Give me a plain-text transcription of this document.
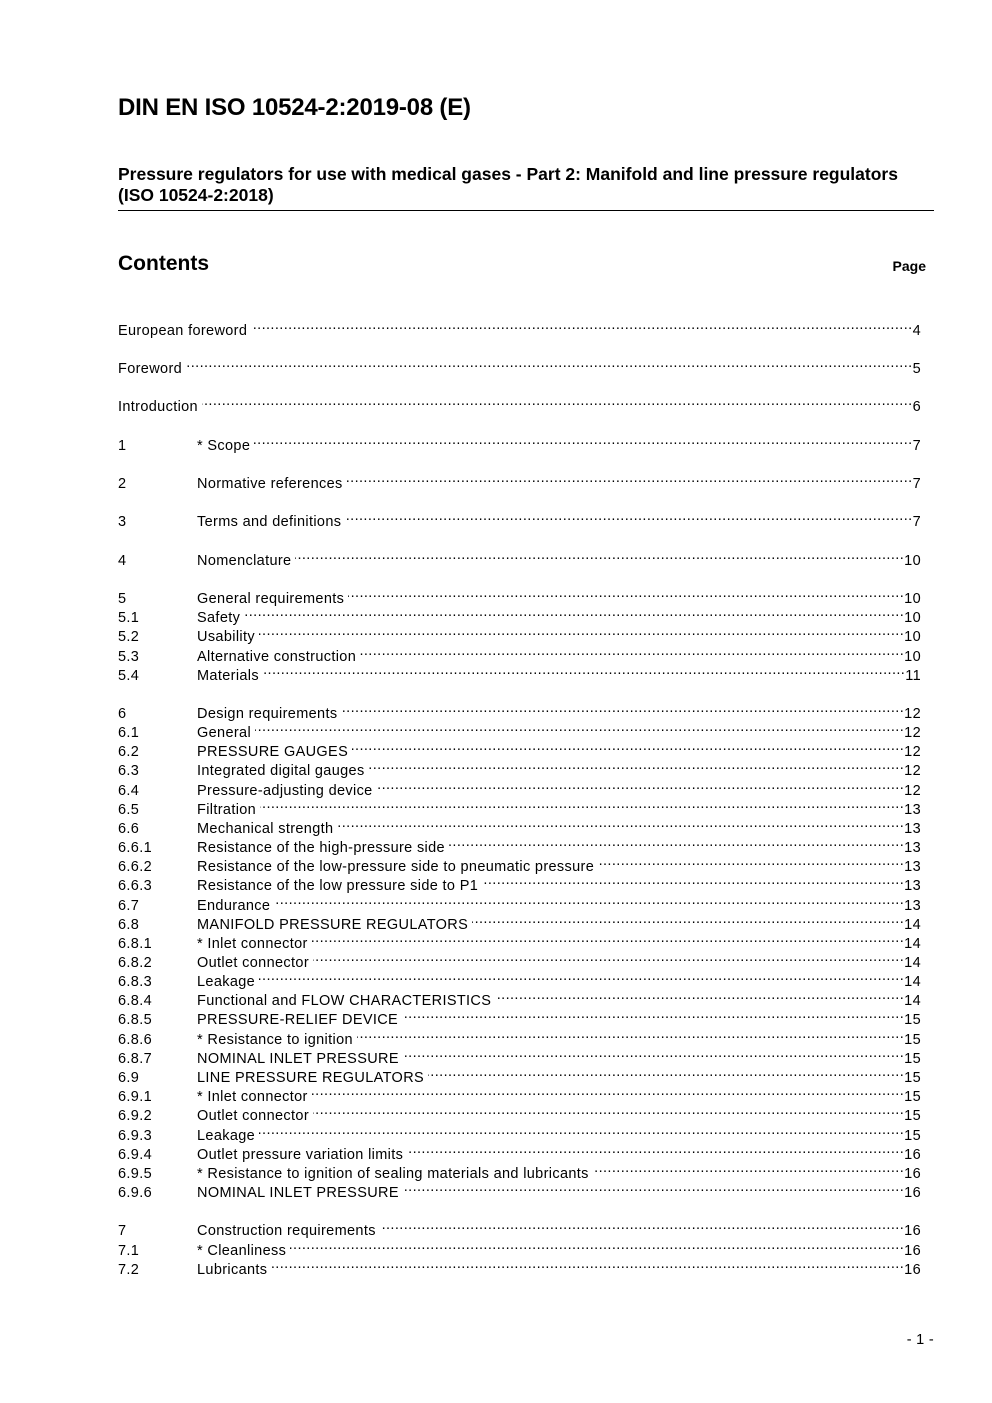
DIN EN ISO 10524-2:2019-08 (E)
Pressure regulators for use with medical gases - Part 2: Manifold and line pressure regulators (ISO 10524-2:2018)
Contents	Page
European foreword .....	4
Foreword .....	5
Introduction .....	6
1	* Scope .....	7
2	Normative references .....	7
3	Terms and definitions .....	7
4	Nomenclature .....	10
5	General requirements .....	10
5.1	Safety .....	10
5.2	Usability .....	10
5.3	Alternative construction .....	10
5.4	Materials .....	11
6	Design requirements .....	12
6.1	General .....	12
6.2	PRESSURE GAUGES .....	12
6.3	Integrated digital gauges .....	12
6.4	Pressure-adjusting device .....	12
6.5	Filtration .....	13
6.6	Mechanical strength .....	13
6.6.1	Resistance of the high-pressure side .....	13
6.6.2	Resistance of the low-pressure side to pneumatic pressure .....	13
6.6.3	Resistance of the low pressure side to P1 .....	13
6.7	Endurance .....	13
6.8	MANIFOLD PRESSURE REGULATORS .....	14
6.8.1	* Inlet connector .....	14
6.8.2	Outlet connector .....	14
6.8.3	Leakage .....	14
6.8.4	Functional and FLOW CHARACTERISTICS .....	14
6.8.5	PRESSURE-RELIEF DEVICE .....	15
6.8.6	* Resistance to ignition .....	15
6.8.7	NOMINAL INLET PRESSURE .....	15
6.9	LINE PRESSURE REGULATORS .....	15
6.9.1	* Inlet connector .....	15
6.9.2	Outlet connector .....	15
6.9.3	Leakage .....	15
6.9.4	Outlet pressure variation limits .....	16
6.9.5	* Resistance to ignition of sealing materials and lubricants .....	16
6.9.6	NOMINAL INLET PRESSURE .....	16
7	Construction requirements .....	16
7.1	* Cleanliness .....	16
7.2	Lubricants .....	16
- 1 -
